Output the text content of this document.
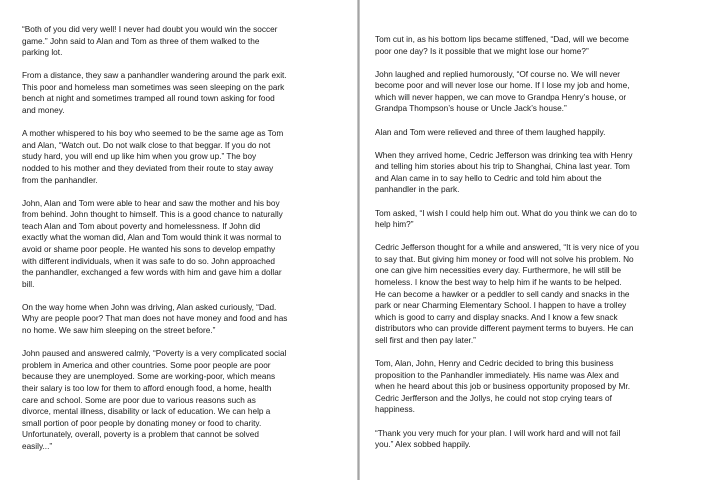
“Both of you did very well! I never had doubt you would win the soccer
game.” John said to Alan and Tom as three of them walked to the
parking lot.

From a distance, they saw a panhandler wandering around the park exit.
This poor and homeless man sometimes was seen sleeping on the park
bench at night and sometimes tramped all round town asking for food
and money.

A mother whispered to his boy who seemed to be the same age as Tom
and Alan, “Watch out. Do not walk close to that beggar. If you do not
study hard, you will end up like him when you grow up.” The boy
nodded to his mother and they deviated from their route to stay away
from the panhandler.

John, Alan and Tom were able to hear and saw the mother and his boy
from behind. John thought to himself. This is a good chance to naturally
teach Alan and Tom about poverty and homelessness. If John did
exactly what the woman did, Alan and Tom would think it was normal to
avoid or shame poor people. He wanted his sons to develop empathy
with different individuals, when it was safe to do so. John approached
the panhandler, exchanged a few words with him and gave him a dollar
bill.

On the way home when John was driving, Alan asked curiously, “Dad.
Why are people poor? That man does not have money and food and has
no home. We saw him sleeping on the street before.”

John paused and answered calmly, “Poverty is a very complicated social
problem in America and other countries. Some poor people are poor
because they are unemployed. Some are working-poor, which means
their salary is too low for them to afford enough food, a home, health
care and school. Some are poor due to various reasons such as
divorce, mental illness, disability or lack of education. We can help a
small portion of poor people by donating money or food to charity.
Unfortunately, overall, poverty is a problem that cannot be solved
easily...”

Tom cut in, as his bottom lips became stiffened, “Dad, will we become
poor one day? Is it possible that we might lose our home?”

John laughed and replied humorously, “Of course no. We will never
become poor and will never lose our home. If I lose my job and home,
which will never happen, we can move to Grandpa Henry’s house, or
Grandpa Thompson’s house or Uncle Jack’s house.”

Alan and Tom were relieved and three of them laughed happily.

When they arrived home, Cedric Jefferson was drinking tea with Henry
and telling him stories about his trip to Shanghai, China last year. Tom
and Alan came in to say hello to Cedric and told him about the
panhandler in the park.

Tom asked, “I wish I could help him out. What do you think we can do to
help him?”

Cedric Jefferson thought for a while and answered, “It is very nice of you
to say that. But giving him money or food will not solve his problem. No
one can give him necessities every day. Furthermore, he will still be
homeless. I know the best way to help him if he wants to be helped.
He can become a hawker or a peddler to sell candy and snacks in the
park or near Charming Elementary School. I happen to have a trolley
which is good to carry and display snacks. And I know a few snack
distributors who can provide different payment terms to buyers. He can
sell first and then pay later.”

Tom, Alan, John, Henry and Cedric decided to bring this business
proposition to the Panhandler immediately. His name was Alex and
when he heard about this job or business opportunity proposed by Mr.
Cedric Jerfferson and the Jollys, he could not stop crying tears of
happiness.

“Thank you very much for your plan. I will work hard and will not fail
you.” Alex sobbed happily.
